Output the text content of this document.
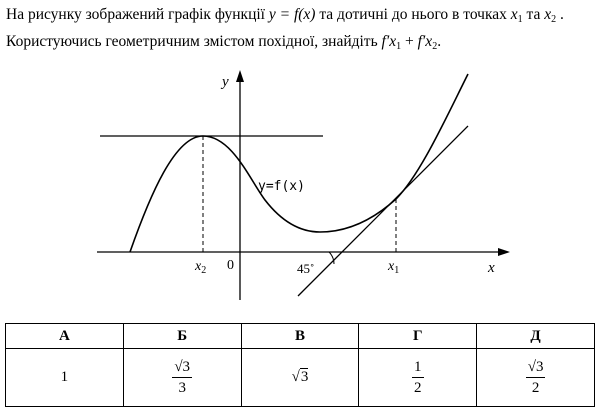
На рисунку зображений графік функції y = f(x) та дотичні до нього в точках $x_1$ та $x_2$ . Користуючись геометричним змістом похідної, знайдіть $f'x_1 + f'x_2$.
y
x
0
y=f(x)
$x_2$	$x_1$
45˚
А	Б	В	Г	Д
1	$\frac{√3}{3}$	√3	$\frac{1}{2}$	$\frac{√3}{2}$
